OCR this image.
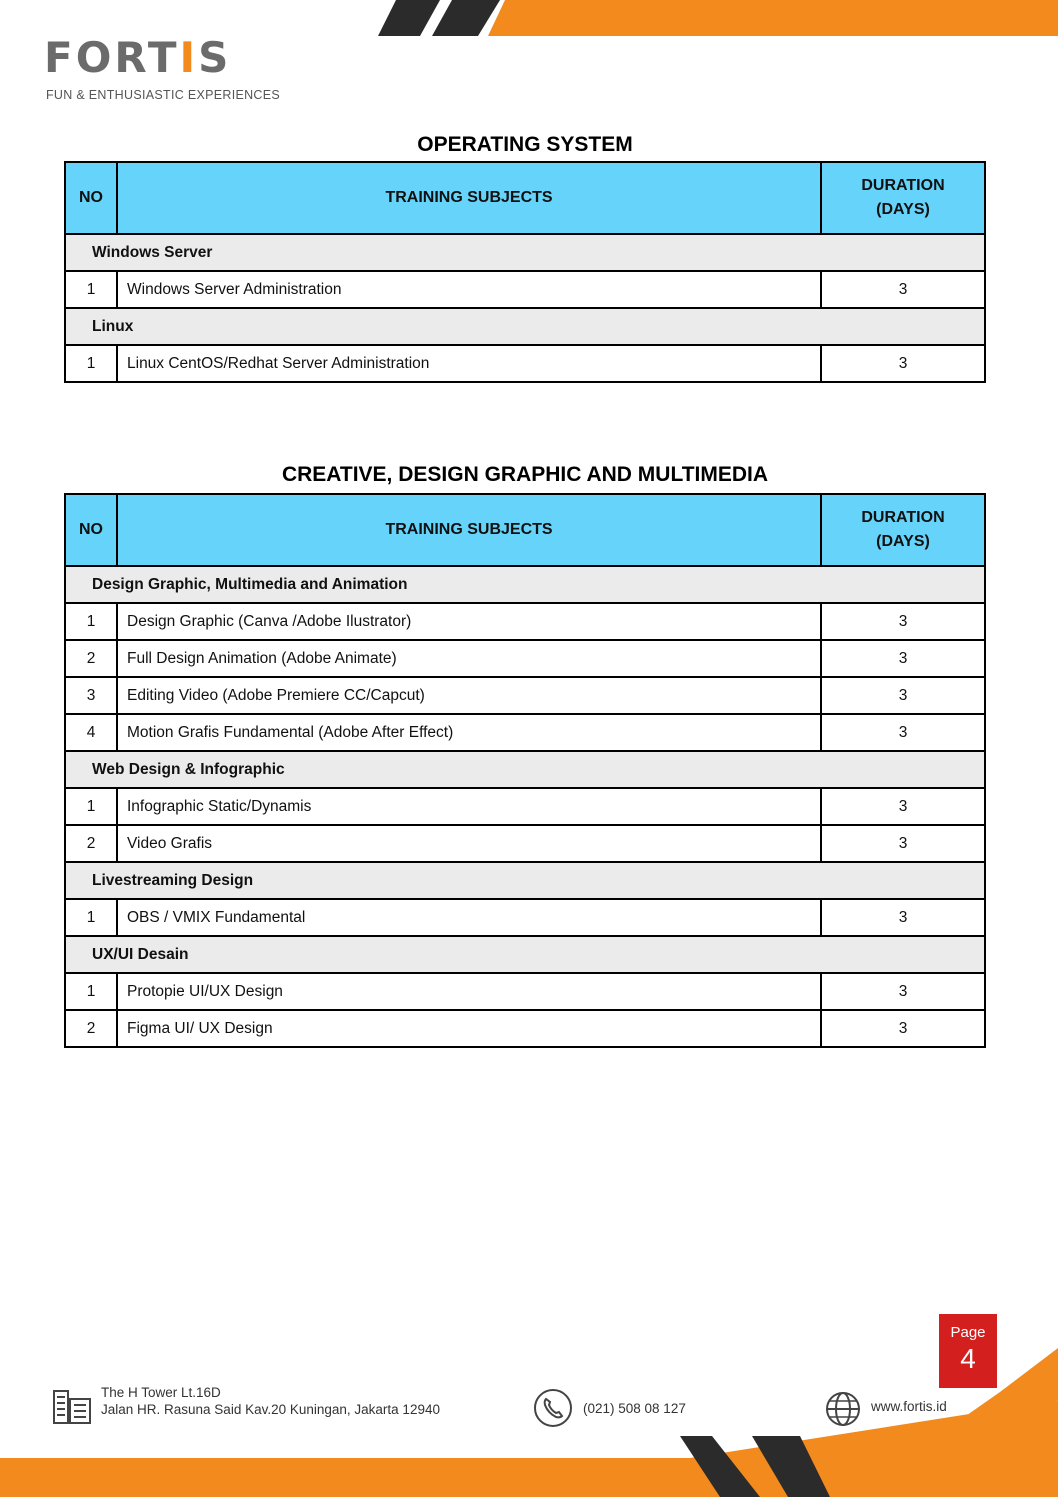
FORTIS
FUN & ENTHUSIASTIC EXPERIENCES
OPERATING SYSTEM
NO	TRAINING SUBJECTS	DURATION
(DAYS)
Windows Server		
1	Windows Server Administration	3
Linux		
1	Linux CentOS/Redhat Server Administration	3
CREATIVE, DESIGN GRAPHIC AND MULTIMEDIA
NO	TRAINING SUBJECTS	DURATION
(DAYS)
Design Graphic, Multimedia and Animation		
1	Design Graphic (Canva /Adobe Ilustrator)	3
2	Full Design Animation (Adobe Animate)	3
3	Editing Video (Adobe Premiere CC/Capcut)	3
4	Motion Grafis Fundamental (Adobe After Effect)	3
Web Design & Infographic		
1	Infographic Static/Dynamis	3
2	Video Grafis	3
Livestreaming Design		
1	OBS / VMIX Fundamental	3
UX/UI Desain		
1	Protopie UI/UX Design	3
2	Figma UI/ UX Design	3
Page
4
The H Tower Lt.16D
Jalan HR. Rasuna Said Kav.20 Kuningan, Jakarta 12940	(021) 508 08 127	www.fortis.id
